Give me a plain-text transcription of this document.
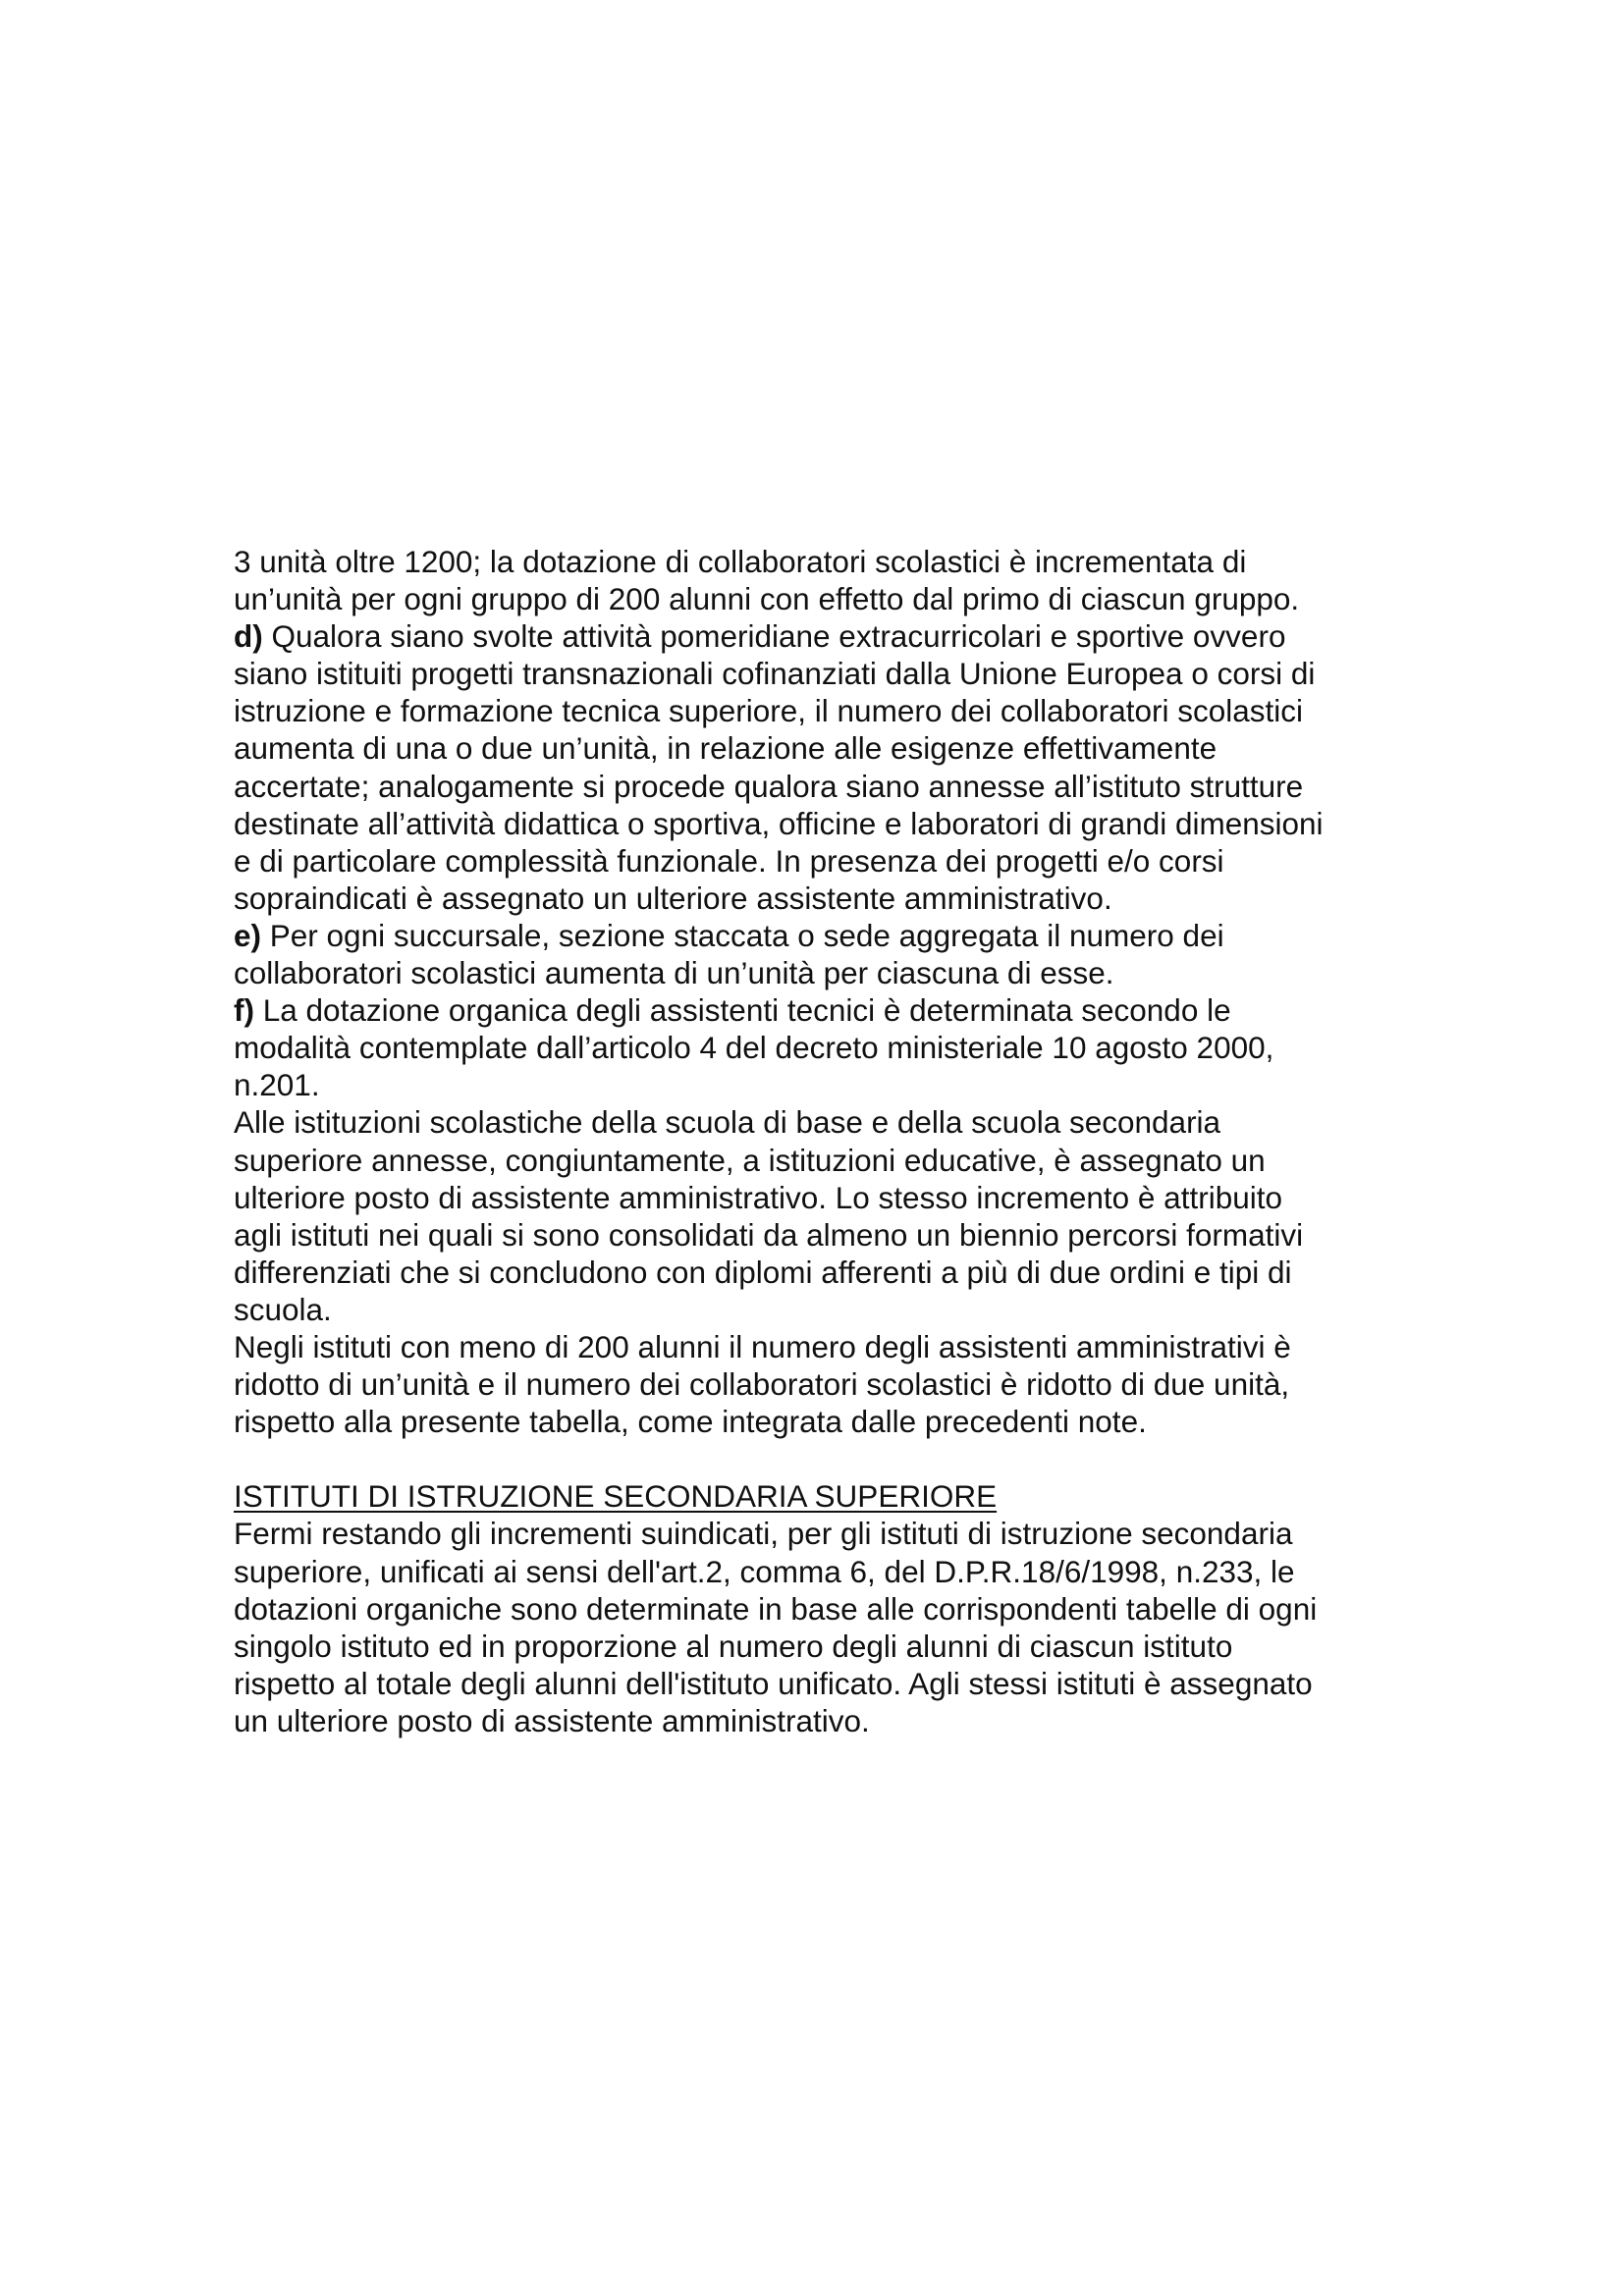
3 unità oltre 1200; la dotazione di collaboratori scolastici è incrementata di
un’unità per ogni gruppo di 200 alunni con effetto dal primo di ciascun gruppo.

d) Qualora siano svolte attività pomeridiane extracurricolari e sportive ovvero
siano istituiti progetti transnazionali cofinanziati dalla Unione Europea o corsi di
istruzione e formazione tecnica superiore, il numero dei collaboratori scolastici
aumenta di una o due un’unità, in relazione alle esigenze effettivamente
accertate; analogamente si procede qualora siano annesse all’istituto strutture
destinate all’attività didattica o sportiva, officine e laboratori di grandi dimensioni
e di particolare complessità funzionale. In presenza dei progetti e/o corsi
sopraindicati è assegnato un ulteriore assistente amministrativo.

e) Per ogni succursale, sezione staccata o sede aggregata il numero dei
collaboratori scolastici aumenta di un’unità per ciascuna di esse.

f) La dotazione organica degli assistenti tecnici è determinata secondo le
modalità contemplate dall’articolo 4 del decreto ministeriale 10 agosto 2000,
n.201.

Alle istituzioni scolastiche della scuola di base e della scuola secondaria
superiore annesse, congiuntamente, a istituzioni educative, è assegnato un
ulteriore posto di assistente amministrativo. Lo stesso incremento è attribuito
agli istituti nei quali si sono consolidati da almeno un biennio percorsi formativi
differenziati che si concludono con diplomi afferenti a più di due ordini e tipi di
scuola.

Negli istituti con meno di 200 alunni il numero degli assistenti amministrativi è
ridotto di un’unità e il numero dei collaboratori scolastici è ridotto di due unità,
rispetto alla presente tabella, come integrata dalle precedenti note.

ISTITUTI DI ISTRUZIONE SECONDARIA SUPERIORE

Fermi restando gli incrementi suindicati, per gli istituti di istruzione secondaria
superiore, unificati ai sensi dell'art.2, comma 6, del D.P.R.18/6/1998, n.233, le
dotazioni organiche sono determinate in base alle corrispondenti tabelle di ogni
singolo istituto ed in proporzione al numero degli alunni di ciascun istituto
rispetto al totale degli alunni dell'istituto unificato. Agli stessi istituti è assegnato
un ulteriore posto di assistente amministrativo.
